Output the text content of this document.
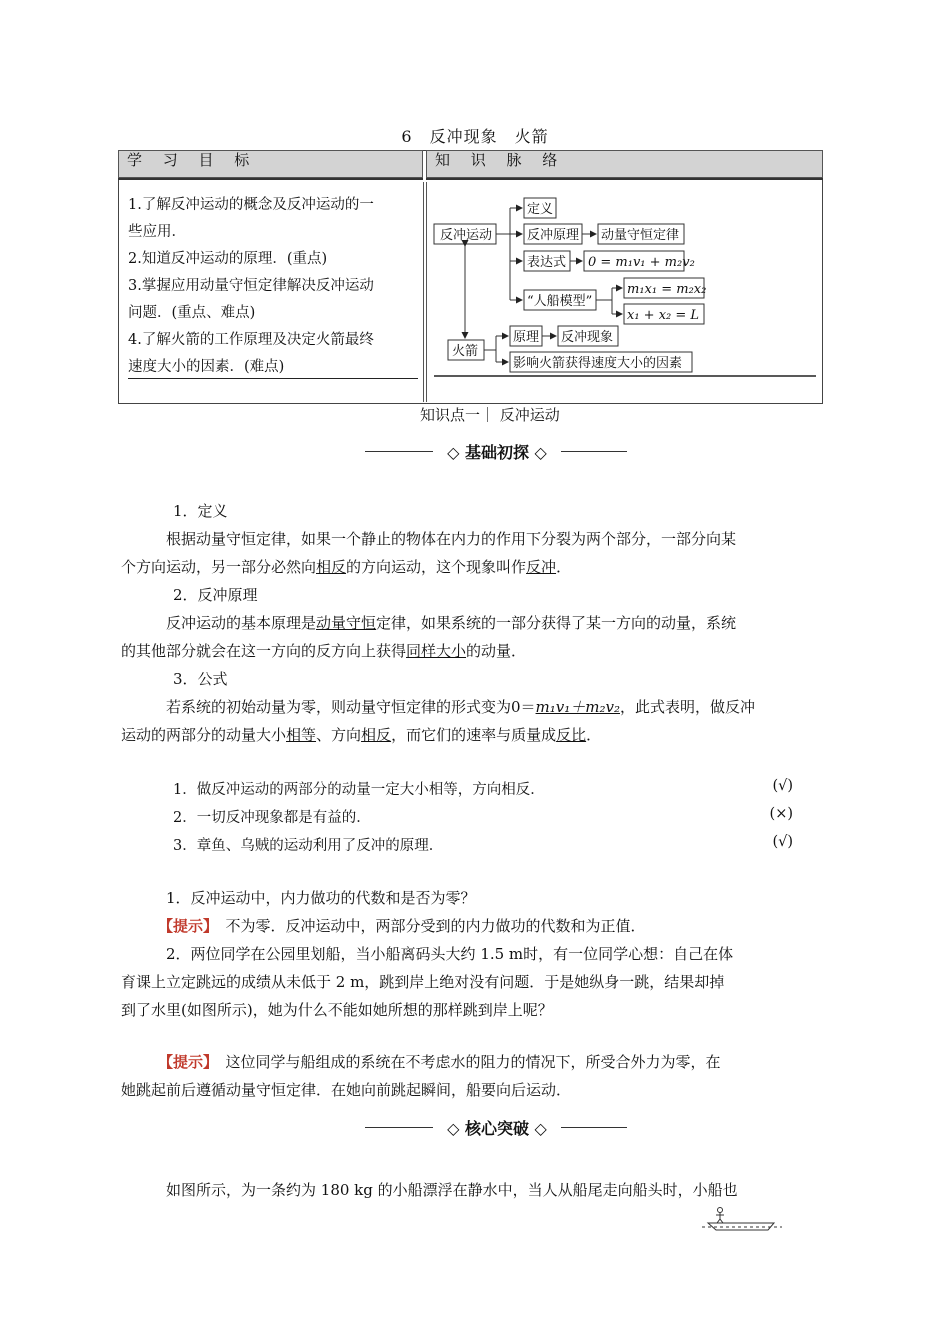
6　反冲现象　火箭
学 习 目 标	知 识 脉 络
1.了解反冲运动的概念及反冲运动的一
些应用．
2.知道反冲运动的原理．(重点)
3.掌握应用动量守恒定律解决反冲运动
问题．(重点、难点)
4.了解火箭的工作原理及决定火箭最终
速度大小的因素．(难点)
反冲运动
定义
反冲原理 动量守恒定律
表达式 0 = m₁v₁ + m₂v₂
“人船模型”
m₁x₁ = m₂x₂
x₁ + x₂ = L
火箭
原理 反冲现象
影响火箭获得速度大小的因素
知识点一｜ 反冲运动
◇ 基础初探 ◇
1．定义
根据动量守恒定律，如果一个静止的物体在内力的作用下分裂为两个部分，一部分向某
个方向运动，另一部分必然向相反的方向运动，这个现象叫作反冲．
2．反冲原理
反冲运动的基本原理是动量守恒定律，如果系统的一部分获得了某一方向的动量，系统
的其他部分就会在这一方向的反方向上获得同样大小的动量．
3．公式
若系统的初始动量为零，则动量守恒定律的形式变为0＝m₁v₁＋m₂v₂，此式表明，做反冲
运动的两部分的动量大小相等、方向相反，而它们的速率与质量成反比．
1．做反冲运动的两部分的动量一定大小相等，方向相反．	(√)
2．一切反冲现象都是有益的．	(×)
3．章鱼、乌贼的运动利用了反冲的原理．	(√)
1．反冲运动中，内力做功的代数和是否为零？
【提示】　不为零．反冲运动中，两部分受到的内力做功的代数和为正值．
2．两位同学在公园里划船，当小船离码头大约 1.5 m时，有一位同学心想：自己在体
育课上立定跳远的成绩从未低于 2 m，跳到岸上绝对没有问题．于是她纵身一跳，结果却掉
到了水里(如图所示)，她为什么不能如她所想的那样跳到岸上呢？
【提示】　这位同学与船组成的系统在不考虑水的阻力的情况下，所受合外力为零，在
她跳起前后遵循动量守恒定律．在她向前跳起瞬间，船要向后运动．
◇ 核心突破 ◇
如图所示，为一条约为 180 kg 的小船漂浮在静水中，当人从船尾走向船头时，小船也
